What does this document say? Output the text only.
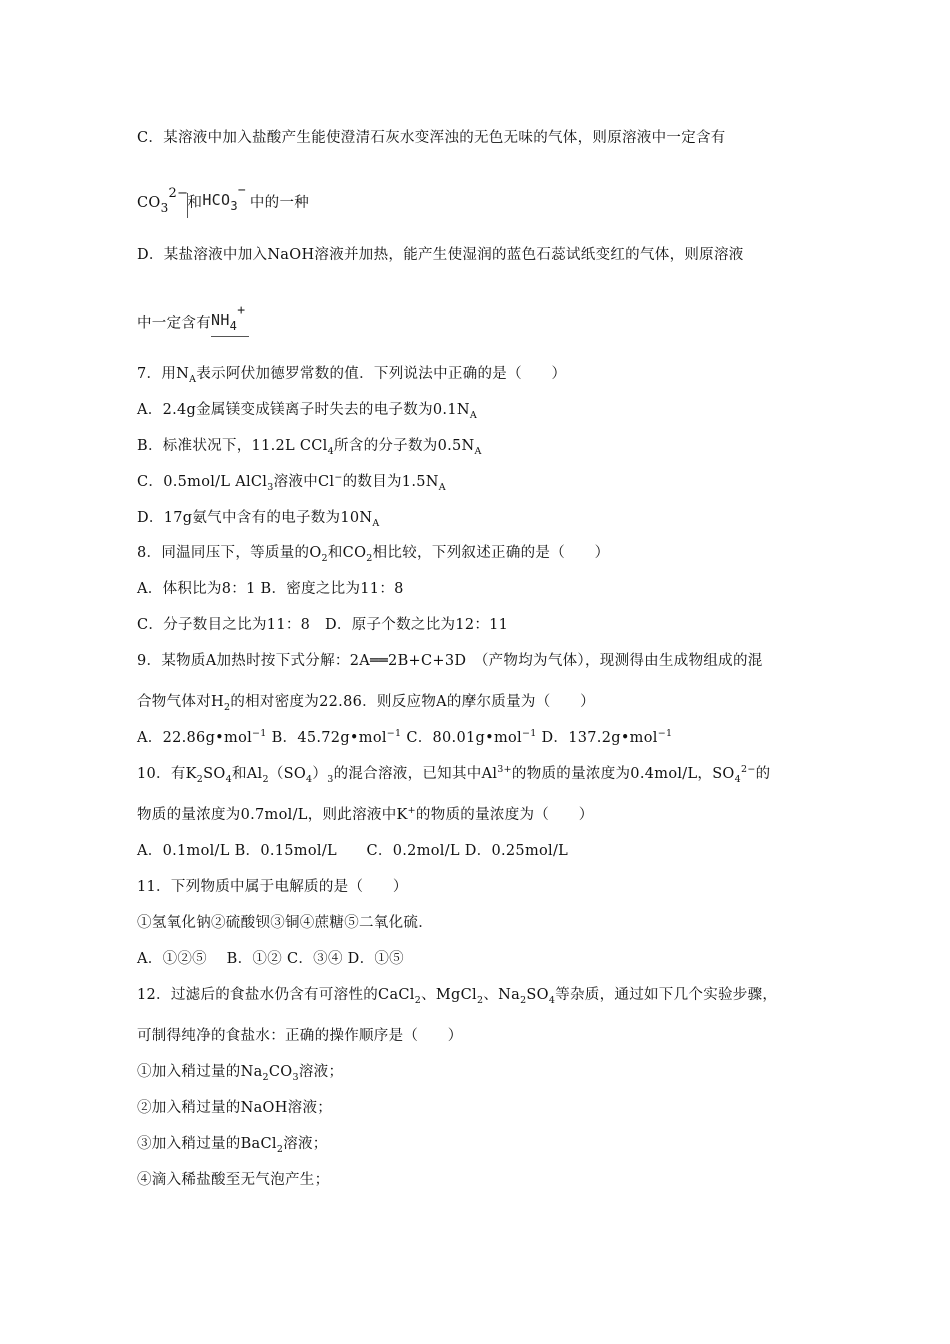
C．某溶液中加入盐酸产生能使澄清石灰水变浑浊的无色无味的气体，则原溶液中一定含有
$CO_3$
2−
和$HCO_3$
−
中的一种
D．某盐溶液中加入NaOH溶液并加热，能产生使湿润的蓝色石蕊试纸变红的气体，则原溶液
中一定含有$NH_4$
+
7．用$N_A$表示阿伏加德罗常数的值．下列说法中正确的是（　　）
A．2.4g金属镁变成镁离子时失去的电子数为$0.1N_A$
B．标准状况下，11.2L CCl$_4$所含的分子数为$0.5N_A$
C．0.5mol/L AlCl$_3$溶液中Cl−的数目为$1.5N_A$
D．17g氨气中含有的电子数为$10N_A$
8．同温同压下，等质量的$O_2$和$CO_2$相比较，下列叙述正确的是（　　）
A．体积比为8：1 B．密度之比为11：8
C．分子数目之比为11：8　D．原子个数之比为12：11
9．某物质A加热时按下式分解：2A══2B+C+3D　（产物均为气体），现测得由生成物组成的混
合物气体对$H_2$的相对密度为22.86．则反应物A的摩尔质量为（　　）
A．22.86g•mol$^{-1}$ B．45.72g•mol$^{-1}$ C．80.01g•mol$^{-1}$ D．137.2g•mol$^{-1}$
10．有$K_2SO_4$和$Al_2(SO_4)_3$的混合溶液，已知其中$Al^{3+}$的物质的量浓度为0.4mol/L，$SO_4^{2-}$的
物质的量浓度为0.7mol/L，则此溶液中K+的物质的量浓度为（　　）
A．0.1mol/L B．0.15mol/L　　C．0.2mol/L D．0.25mol/L
11．下列物质中属于电解质的是（　　）
①氢氧化钠②硫酸钡③铜④蔗糖⑤二氧化硫．
A．①②⑤　 B．①② C．③④ D．①⑤
12．过滤后的食盐水仍含有可溶性的CaCl$_2$、MgCl$_2$、$Na_2SO_4$等杂质，通过如下几个实验步骤，
可制得纯净的食盐水：正确的操作顺序是（　　）
①加入稍过量的$Na_2CO_3$溶液；
②加入稍过量的NaOH溶液；
③加入稍过量的BaCl$_2$溶液；
④滴入稀盐酸至无气泡产生；
